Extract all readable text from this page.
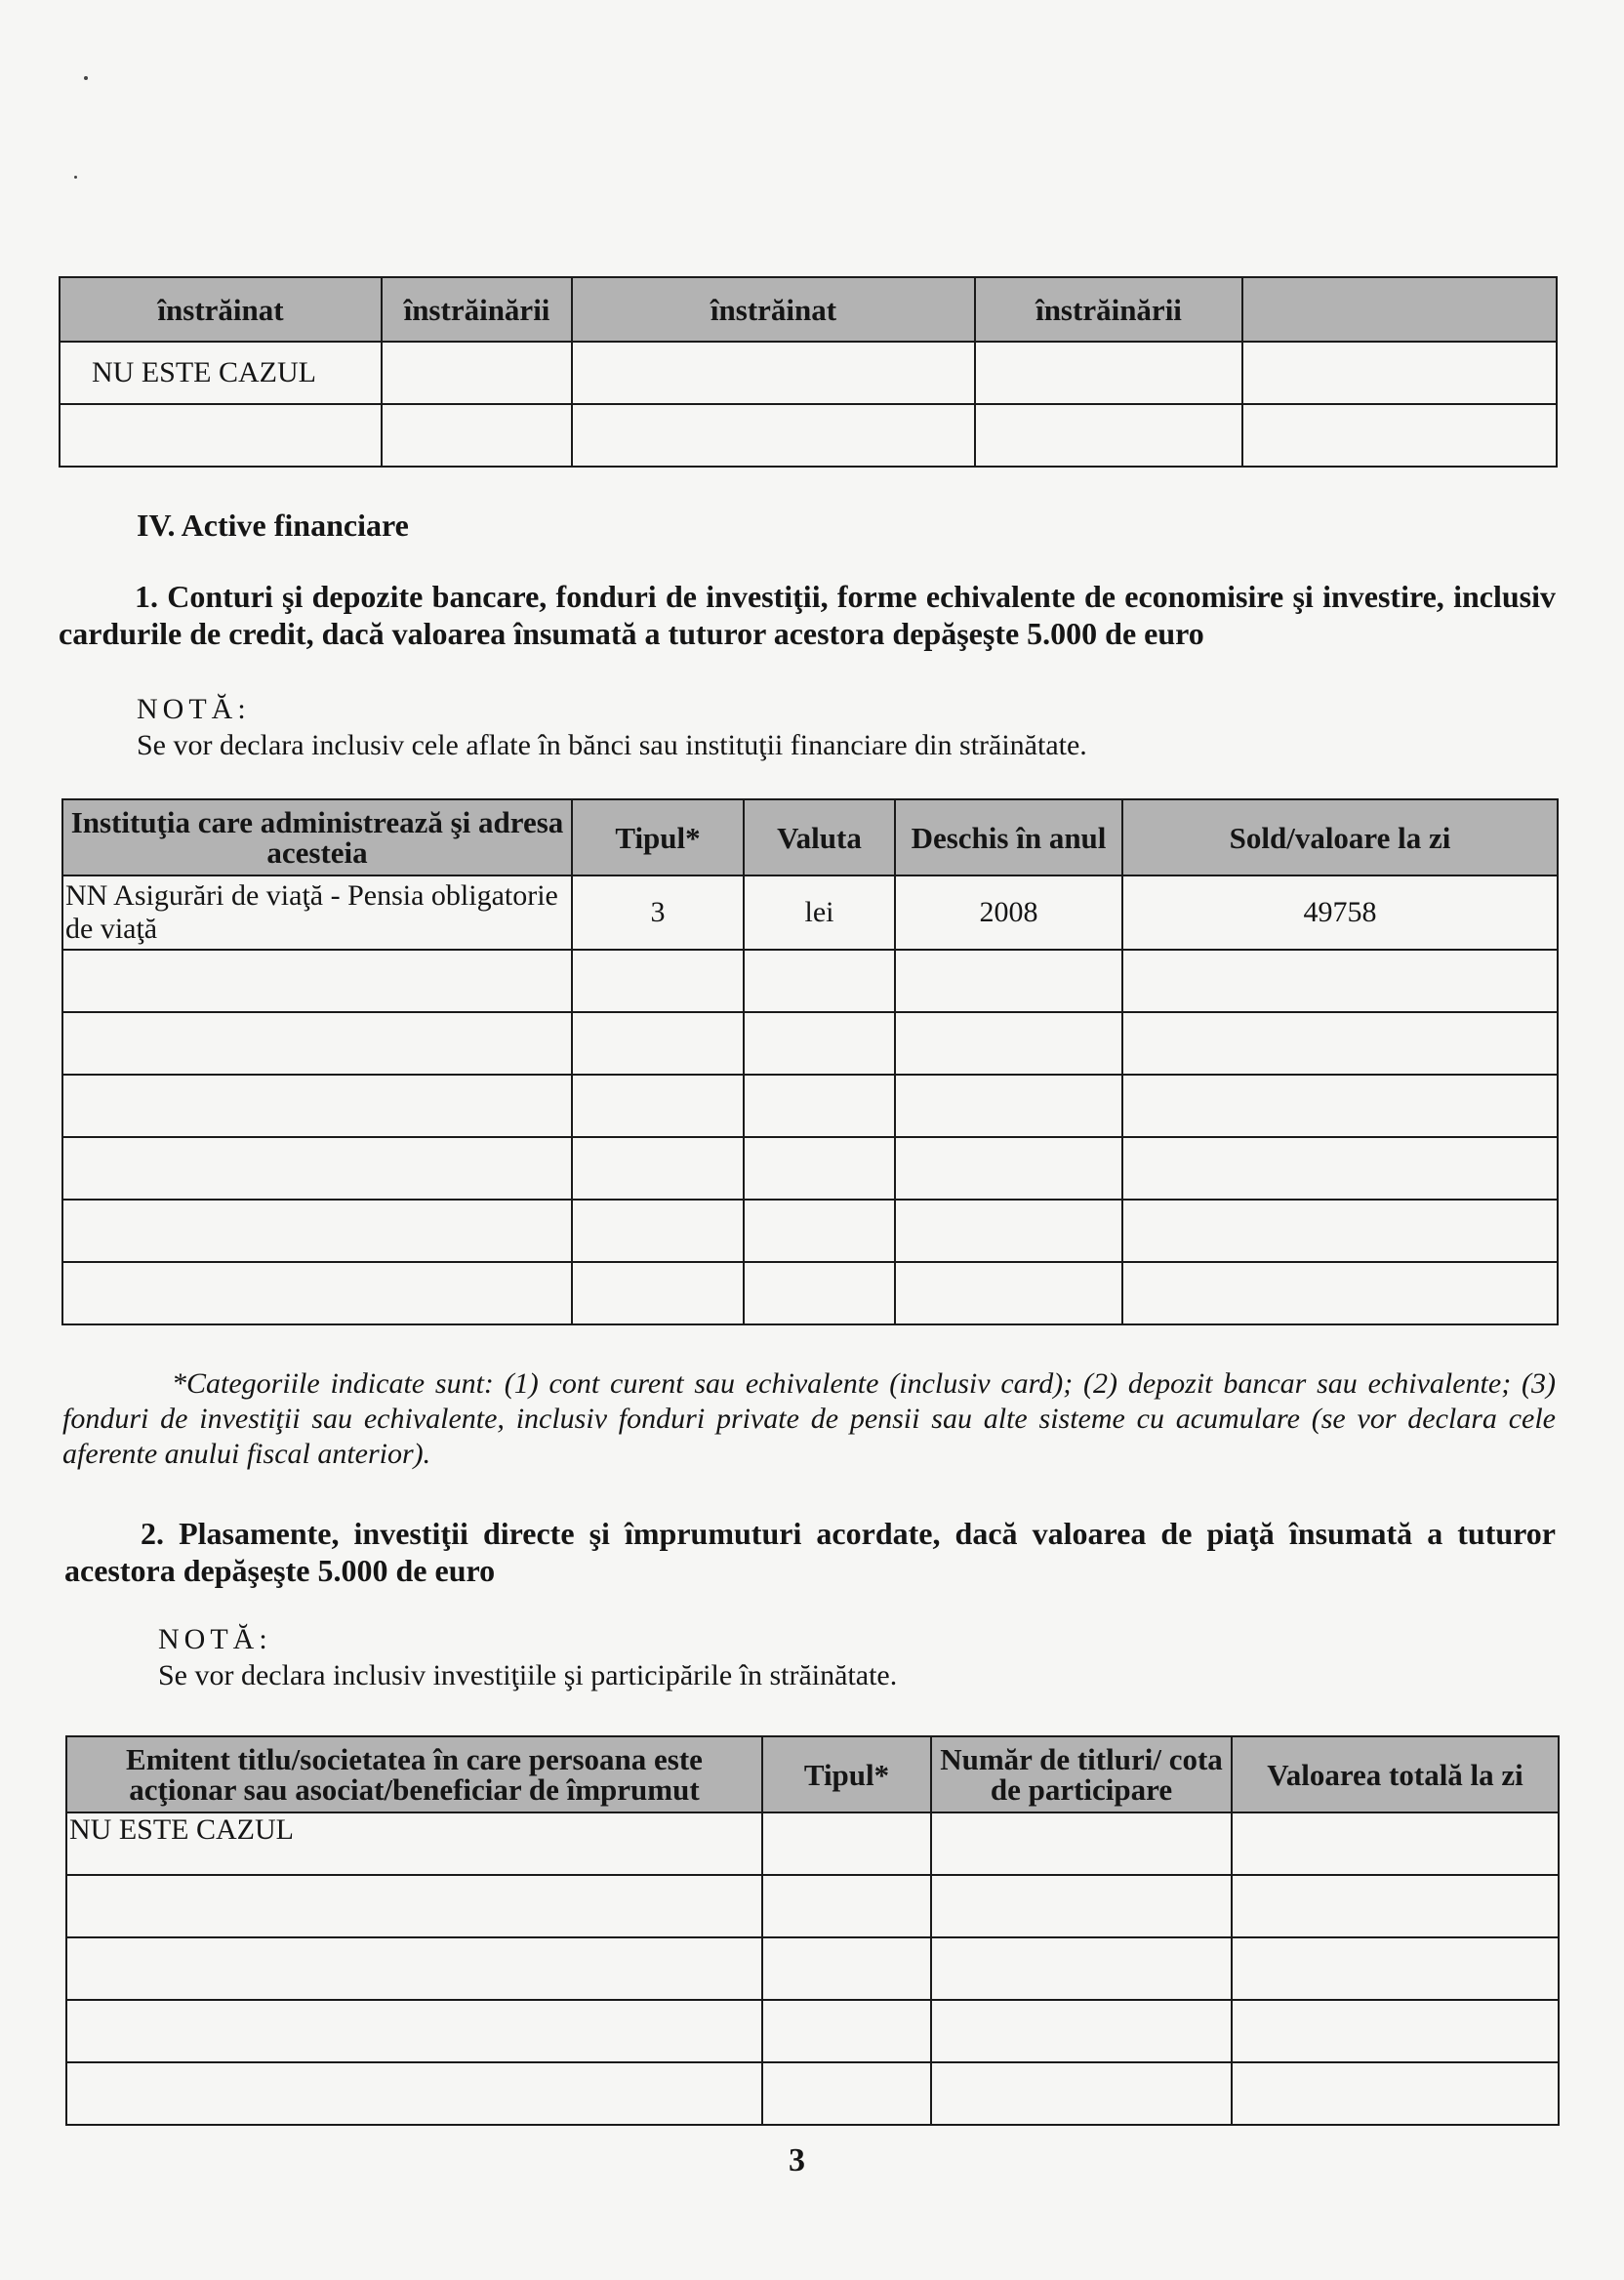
înstrăinat	înstrăinării	înstrăinat	înstrăinării	
NU ESTE CAZUL				

IV. Active financiare
1. Conturi şi depozite bancare, fonduri de investiţii, forme echivalente de economisire şi investire, inclusiv cardurile de credit, dacă valoarea însumată a tuturor acestora depăşeşte 5.000 de euro
NOTĂ:
Se vor declara inclusiv cele aflate în bănci sau instituţii financiare din străinătate.
Instituţia care administrează şi adresa acesteia	Tipul*	Valuta	Deschis în anul	Sold/valoare la zi
NN Asigurări de viaţă - Pensia obligatorie de viaţă	3	lei	2008	49758

*Categoriile indicate sunt: (1) cont curent sau echivalente (inclusiv card); (2) depozit bancar sau echivalente; (3) fonduri de investiţii sau echivalente, inclusiv fonduri private de pensii sau alte sisteme cu acumulare (se vor declara cele aferente anului fiscal anterior).
2. Plasamente, investiţii directe şi împrumuturi acordate, dacă valoarea de piaţă însumată a tuturor acestora depăşeşte 5.000 de euro
NOTĂ:
Se vor declara inclusiv investiţiile şi participările în străinătate.
Emitent titlu/societatea în care persoana este acţionar sau asociat/beneficiar de împrumut	Tipul*	Număr de titluri/ cota de participare	Valoarea totală la zi
NU ESTE CAZUL			

3
